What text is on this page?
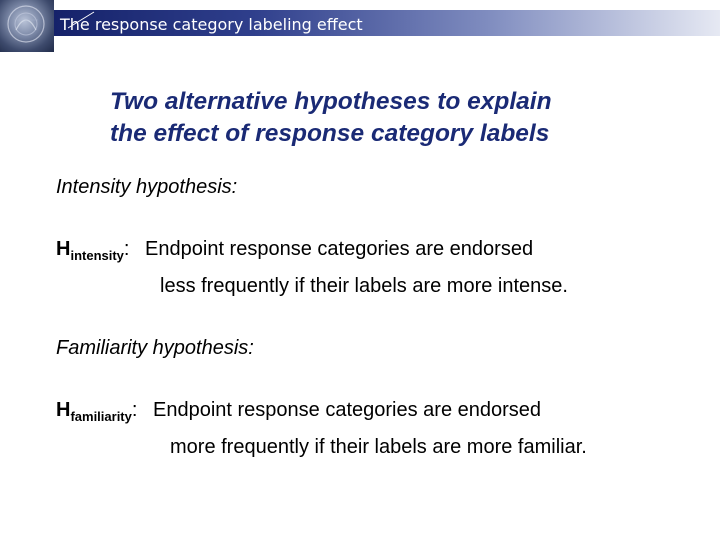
The response category labeling effect
Two alternative hypotheses to explain
the effect of response category labels
Intensity hypothesis:
$H_{intensity}$: Endpoint response categories are endorsed
less frequently if their labels are more intense.
Familiarity hypothesis:
$H_{familiarity}$: Endpoint response categories are endorsed
more frequently if their labels are more familiar.
